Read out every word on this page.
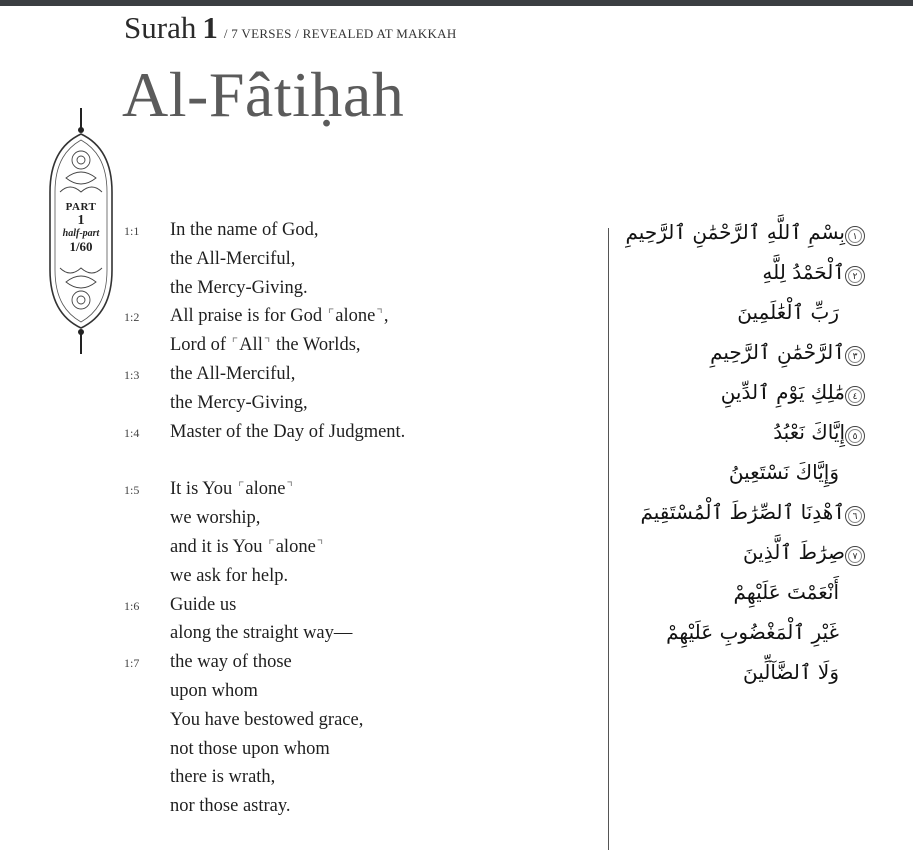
Surah 1 / 7 VERSES / REVEALED AT MAKKAH
Al-Fâtiḥah
PART
1
half-part
1/60
1:1 In the name of God,
the All-Merciful,
the Mercy-Giving.
1:2 All praise is for God ⌜alone⌝,
Lord of ⌜All⌝ the Worlds,
1:3 the All-Merciful,
the Mercy-Giving,
1:4 Master of the Day of Judgment.
1:5 It is You ⌜alone⌝
we worship,
and it is You ⌜alone⌝
we ask for help.
1:6 Guide us
along the straight way—
1:7 the way of those
upon whom
You have bestowed grace,
not those upon whom
there is wrath,
nor those astray.
بِسْمِ ٱللَّهِ ٱلرَّحْمَٰنِ ٱلرَّحِيمِ ١
ٱلْحَمْدُ لِلَّهِ ٢
رَبِّ ٱلْعَٰلَمِينَ
ٱلرَّحْمَٰنِ ٱلرَّحِيمِ ٣
مَٰلِكِ يَوْمِ ٱلدِّينِ ٤
إِيَّاكَ نَعْبُدُ ٥
وَإِيَّاكَ نَسْتَعِينُ
ٱهْدِنَا ٱلصِّرَٰطَ ٱلْمُسْتَقِيمَ ٦
صِرَٰطَ ٱلَّذِينَ ٧
أَنْعَمْتَ عَلَيْهِمْ
غَيْرِ ٱلْمَغْضُوبِ عَلَيْهِمْ
وَلَا ٱلضَّآلِّينَ
